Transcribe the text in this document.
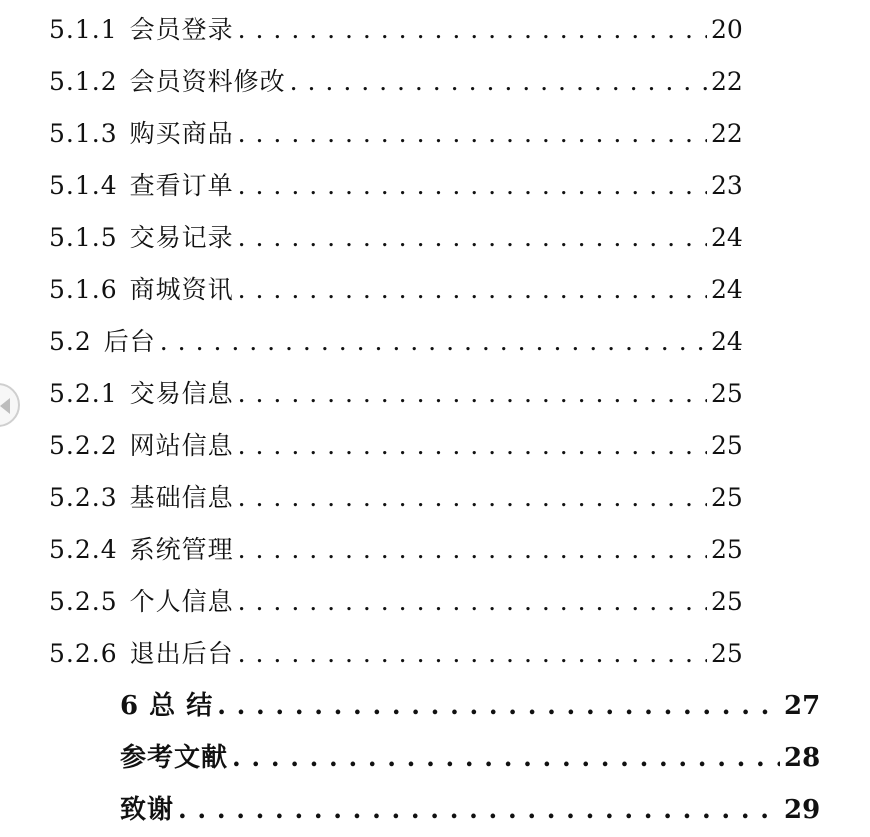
5.1.1 会员登录 . . .	20
5.1.2 会员资料修改 . . .	22
5.1.3 购买商品 . . .	22
5.1.4 查看订单 . . .	23
5.1.5 交易记录 . . .	24
5.1.6 商城资讯 . . .	24
5.2 后台 . . .	24
5.2.1 交易信息 . . .	25
5.2.2 网站信息 . . .	25
5.2.3 基础信息 . . .	25
5.2.4 系统管理 . . .	25
5.2.5 个人信息 . . .	25
5.2.6 退出后台 . . .	25
6 总 结 . . .	27
参考文献 . . .	28
致谢 . . .	29
